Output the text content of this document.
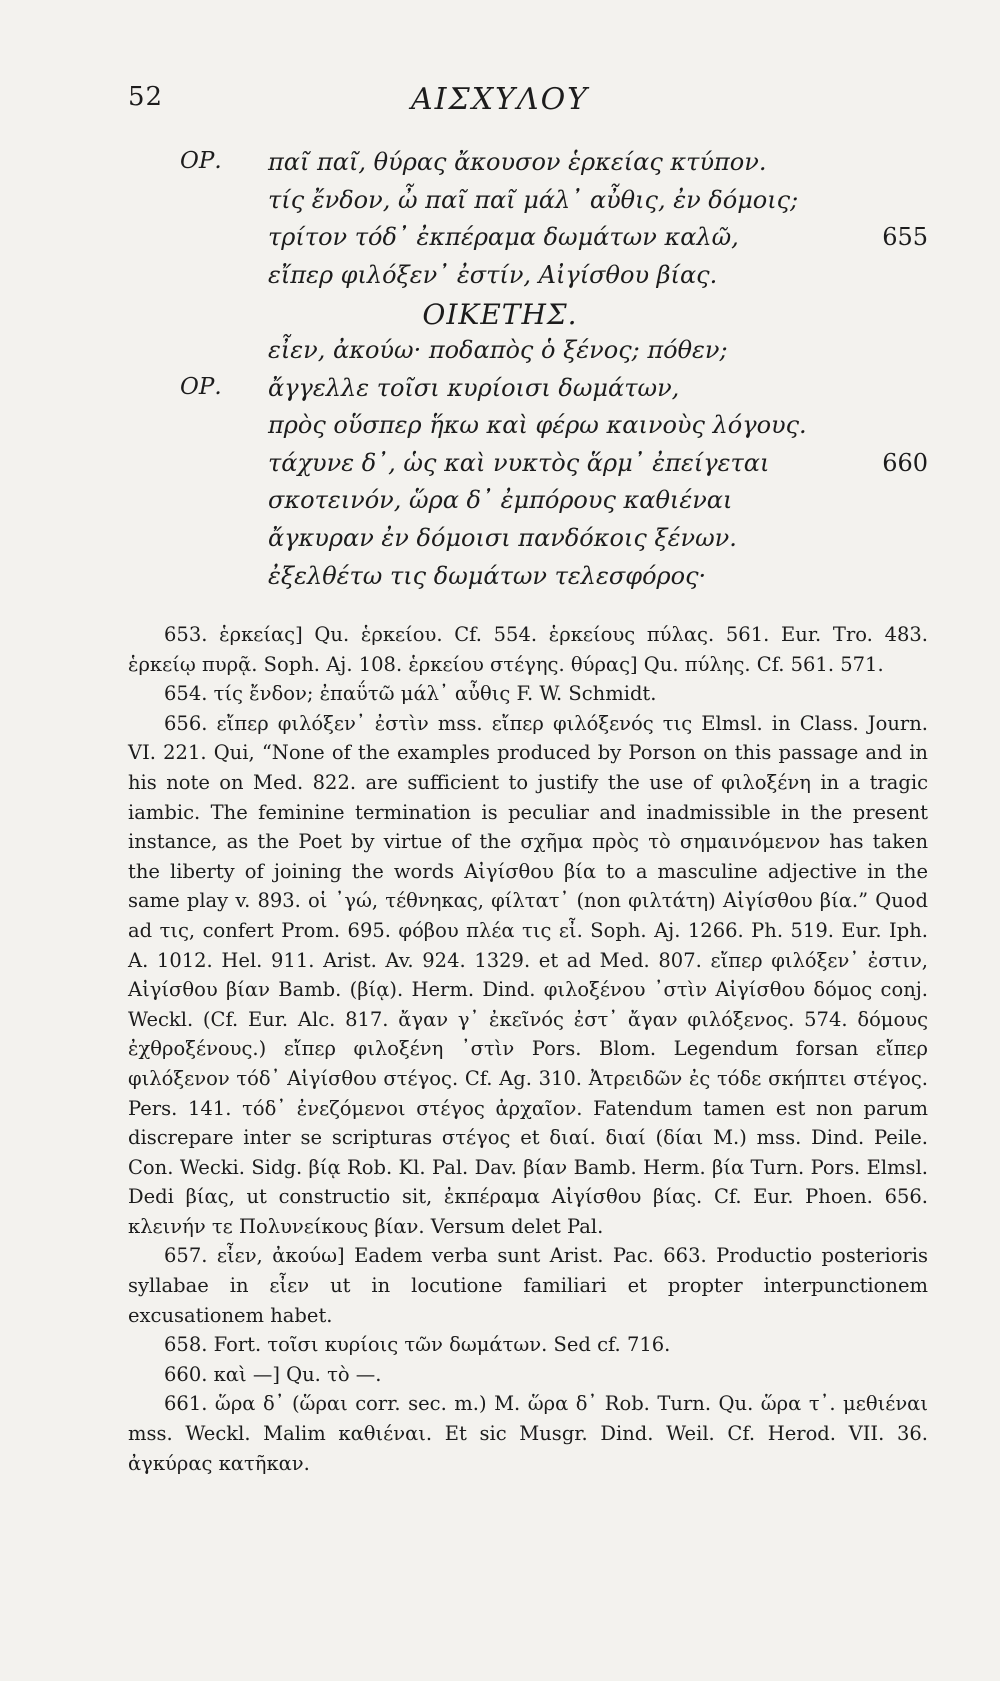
52	ΑΙΣΧΥΛΟΥ
ΟΡ. παῖ παῖ, θύρας ἄκουσον ἑρκείας κτύπον.
τίς ἔνδον, ὦ παῖ παῖ μάλ᾽ αὖθις, ἐν δόμοις;
τρίτον τόδ᾽ ἐκπέραμα δωμάτων καλῶ,	655
εἴπερ φιλόξεν᾽ ἐστίν, Αἰγίσθου βίας.
ΟΙΚΕΤΗΣ.
εἶεν, ἀκούω· ποδαπὸς ὁ ξένος; πόθεν;
ΟΡ. ἄγγελλε τοῖσι κυρίοισι δωμάτων,
πρὸς οὕσπερ ἥκω καὶ φέρω καινοὺς λόγους.
τάχυνε δ᾽, ὡς καὶ νυκτὸς ἅρμ᾽ ἐπείγεται	660
σκοτεινόν, ὥρα δ᾽ ἐμπόρους καθιέναι
ἄγκυραν ἐν δόμοισι πανδόκοις ξένων.
ἐξελθέτω τις δωμάτων τελεσφόρος·

653. ἑρκείας] Qu. ἑρκείου. Cf. 554. ἑρκείους πύλας. 561. Eur. Tro. 483. ἑρκείῳ πυρᾷ. Soph. Aj. 108. ἑρκείου στέγης. θύρας] Qu. πύλης. Cf. 561. 571.

654. τίς ἔνδον; ἐπαΰτῶ μάλ᾽ αὖθις F. W. Schmidt.

656. εἴπερ φιλόξεν᾽ ἐστὶν mss. εἴπερ φιλόξενός τις Elmsl. in Class. Journ. VI. 221. Qui, “None of the examples produced by Porson on this passage and in his note on Med. 822. are sufficient to justify the use of φιλοξένη in a tragic iambic. The feminine termination is peculiar and inadmissible in the present instance, as the Poet by virtue of the σχῆμα πρὸς τὸ σημαινόμενον has taken the liberty of joining the words Αἰγίσθου βία to a masculine adjective in the same play v. 893. οἱ ᾽γώ, τέθνηκας, φίλτατ᾽ (non φιλτάτη) Αἰγίσθου βία.” Quod ad τις, confert Prom. 695. φόβου πλέα τις εἶ. Soph. Aj. 1266. Ph. 519. Eur. Iph. A. 1012. Hel. 911. Arist. Av. 924. 1329. et ad Med. 807. εἴπερ φιλόξεν᾽ ἐστιν, Αἰγίσθου βίαν Bamb. (βίᾳ). Herm. Dind. φιλοξένου ᾽στὶν Αἰγίσθου δόμος conj. Weckl. (Cf. Eur. Alc. 817. ἄγαν γ᾽ ἐκεῖνός ἐστ᾽ ἄγαν φιλόξενος. 574. δόμους ἐχθροξένους.) εἴπερ φιλοξένη ᾽στὶν Pors. Blom. Legendum forsan εἴπερ φιλόξενον τόδ᾽ Αἰγίσθου στέγος. Cf. Ag. 310. Ἀτρειδῶν ἐς τόδε σκήπτει στέγος. Pers. 141. τόδ᾽ ἐνεζόμενοι στέγος ἀρχαῖον. Fatendum tamen est non parum discrepare inter se scripturas στέγος et διαί. διαί (δίαι M.) mss. Dind. Peile. Con. Wecki. Sidg. βίᾳ Rob. Kl. Pal. Dav. βίαν Bamb. Herm. βία Turn. Pors. Elmsl. Dedi βίας, ut constructio sit, ἐκπέραμα Αἰγίσθου βίας. Cf. Eur. Phoen. 656. κλεινήν τε Πολυνείκους βίαν. Versum delet Pal.

657. εἶεν, ἀκούω] Eadem verba sunt Arist. Pac. 663. Productio posterioris syllabae in εἶεν ut in locutione familiari et propter interpunctionem excusationem habet.

658. Fort. τοῖσι κυρίοις τῶν δωμάτων. Sed cf. 716.

660. καὶ —] Qu. τὸ —.

661. ὥρα δ᾽ (ὥραι corr. sec. m.) M. ὥρα δ᾽ Rob. Turn. Qu. ὥρα τ᾽. μεθιέναι mss. Weckl. Malim καθιέναι. Et sic Musgr. Dind. Weil. Cf. Herod. VII. 36. ἀγκύρας κατῆκαν.
